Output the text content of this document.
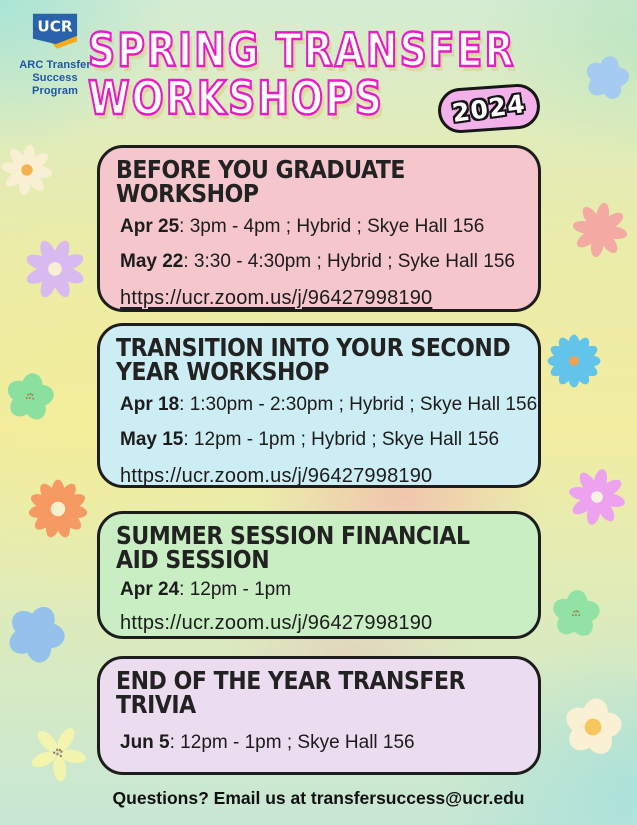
UCR
ARC Transfer
Success Program
SPRING TRANSFER
WORKSHOPS	2024
BEFORE YOU GRADUATE
WORKSHOP

Apr 25: 3pm - 4pm ; Hybrid ; Skye Hall 156

May 22: 3:30 - 4:30pm ; Hybrid ; Syke Hall 156

https://ucr.zoom.us/j/96427998190
TRANSITION INTO YOUR SECOND
YEAR WORKSHOP

Apr 18: 1:30pm - 2:30pm ; Hybrid ; Skye Hall 156

May 15: 12pm - 1pm ; Hybrid ; Skye Hall 156

https://ucr.zoom.us/j/96427998190
SUMMER SESSION FINANCIAL
AID SESSION

Apr 24: 12pm - 1pm

https://ucr.zoom.us/j/96427998190
END OF THE YEAR TRANSFER
TRIVIA

Jun 5: 12pm - 1pm ; Skye Hall 156

Questions? Email us at transfersuccess@ucr.edu
